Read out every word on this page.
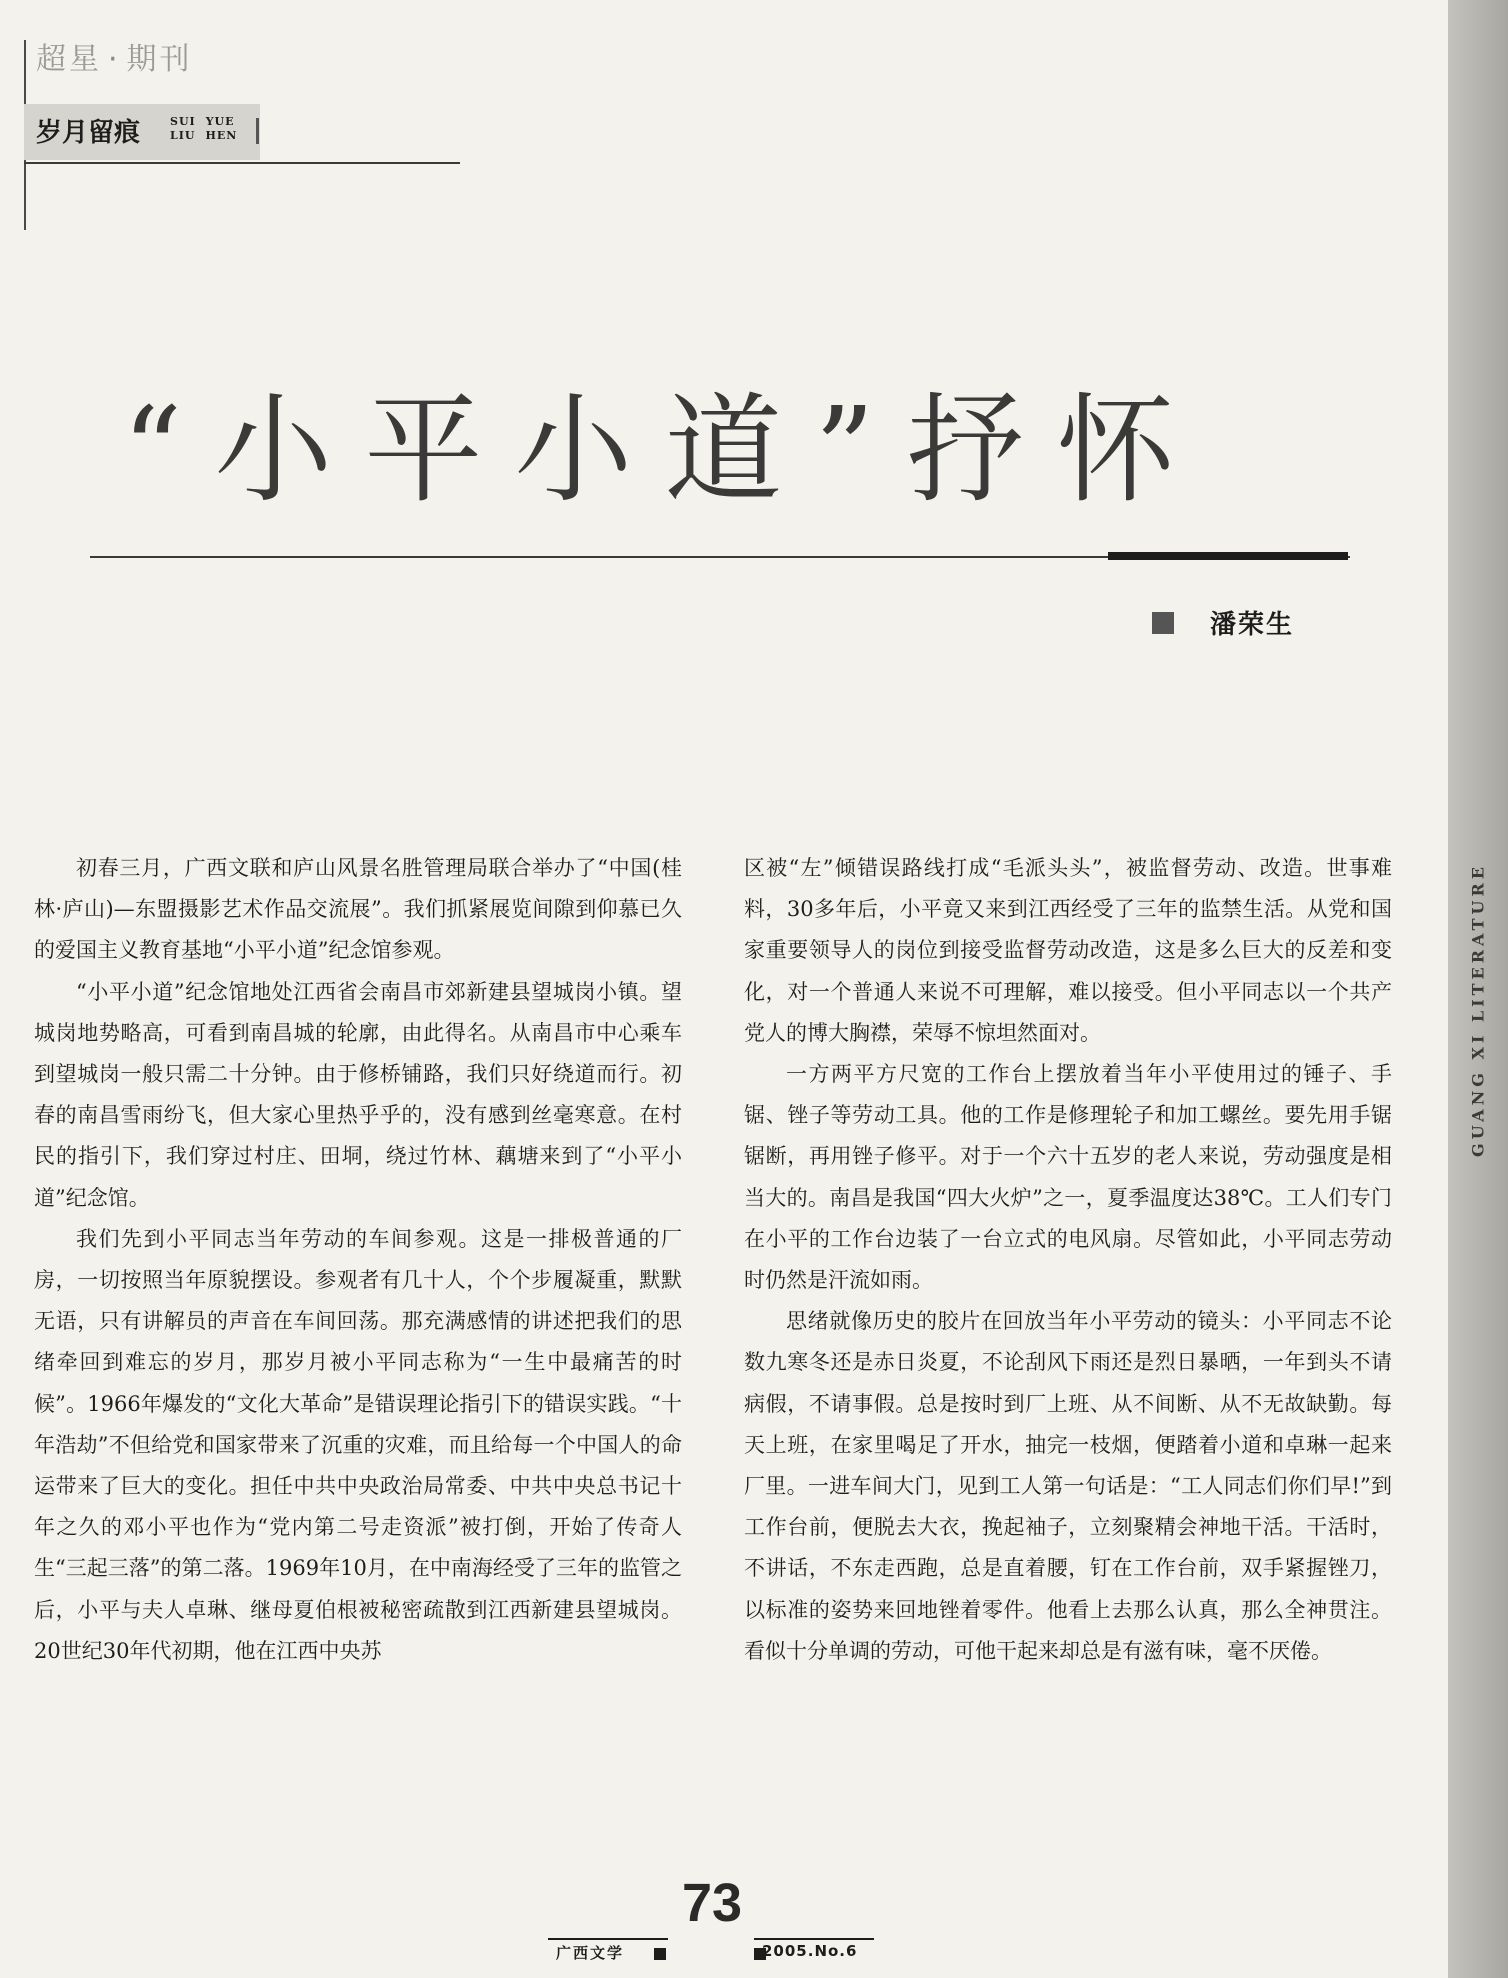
超星 · 期刊
岁月留痕	SUI YUE
LIU HEN
GUANG XI LITERATURE
“小平小道”抒怀
潘荣生

初春三月，广西文联和庐山风景名胜管理局联合举办了“中国(桂林·庐山)—东盟摄影艺术作品交流展”。我们抓紧展览间隙到仰慕已久的爱国主义教育基地“小平小道”纪念馆参观。

“小平小道”纪念馆地处江西省会南昌市郊新建县望城岗小镇。望城岗地势略高，可看到南昌城的轮廓，由此得名。从南昌市中心乘车到望城岗一般只需二十分钟。由于修桥铺路，我们只好绕道而行。初春的南昌雪雨纷飞，但大家心里热乎乎的，没有感到丝毫寒意。在村民的指引下，我们穿过村庄、田垌，绕过竹林、藕塘来到了“小平小道”纪念馆。

我们先到小平同志当年劳动的车间参观。这是一排极普通的厂房，一切按照当年原貌摆设。参观者有几十人，个个步履凝重，默默无语，只有讲解员的声音在车间回荡。那充满感情的讲述把我们的思绪牵回到难忘的岁月，那岁月被小平同志称为“一生中最痛苦的时候”。1966年爆发的“文化大革命”是错误理论指引下的错误实践。“十年浩劫”不但给党和国家带来了沉重的灾难，而且给每一个中国人的命运带来了巨大的变化。担任中共中央政治局常委、中共中央总书记十年之久的邓小平也作为“党内第二号走资派”被打倒，开始了传奇人生“三起三落”的第二落。1969年10月，在中南海经受了三年的监管之后，小平与夫人卓琳、继母夏伯根被秘密疏散到江西新建县望城岗。20世纪30年代初期，他在江西中央苏

区被“左”倾错误路线打成“毛派头头”，被监督劳动、改造。世事难料，30多年后，小平竟又来到江西经受了三年的监禁生活。从党和国家重要领导人的岗位到接受监督劳动改造，这是多么巨大的反差和变化，对一个普通人来说不可理解，难以接受。但小平同志以一个共产党人的博大胸襟，荣辱不惊坦然面对。

一方两平方尺宽的工作台上摆放着当年小平使用过的锤子、手锯、锉子等劳动工具。他的工作是修理轮子和加工螺丝。要先用手锯锯断，再用锉子修平。对于一个六十五岁的老人来说，劳动强度是相当大的。南昌是我国“四大火炉”之一，夏季温度达38℃。工人们专门在小平的工作台边装了一台立式的电风扇。尽管如此，小平同志劳动时仍然是汗流如雨。

思绪就像历史的胶片在回放当年小平劳动的镜头：小平同志不论数九寒冬还是赤日炎夏，不论刮风下雨还是烈日暴晒，一年到头不请病假，不请事假。总是按时到厂上班、从不间断、从不无故缺勤。每天上班，在家里喝足了开水，抽完一枝烟，便踏着小道和卓琳一起来厂里。一进车间大门，见到工人第一句话是：“工人同志们你们早!”到工作台前，便脱去大衣，挽起袖子，立刻聚精会神地干活。干活时，不讲话，不东走西跑，总是直着腰，钉在工作台前，双手紧握锉刀，以标准的姿势来回地锉着零件。他看上去那么认真，那么全神贯注。看似十分单调的劳动，可他干起来却总是有滋有味，毫不厌倦。

73
广西文学	2005.No.6
